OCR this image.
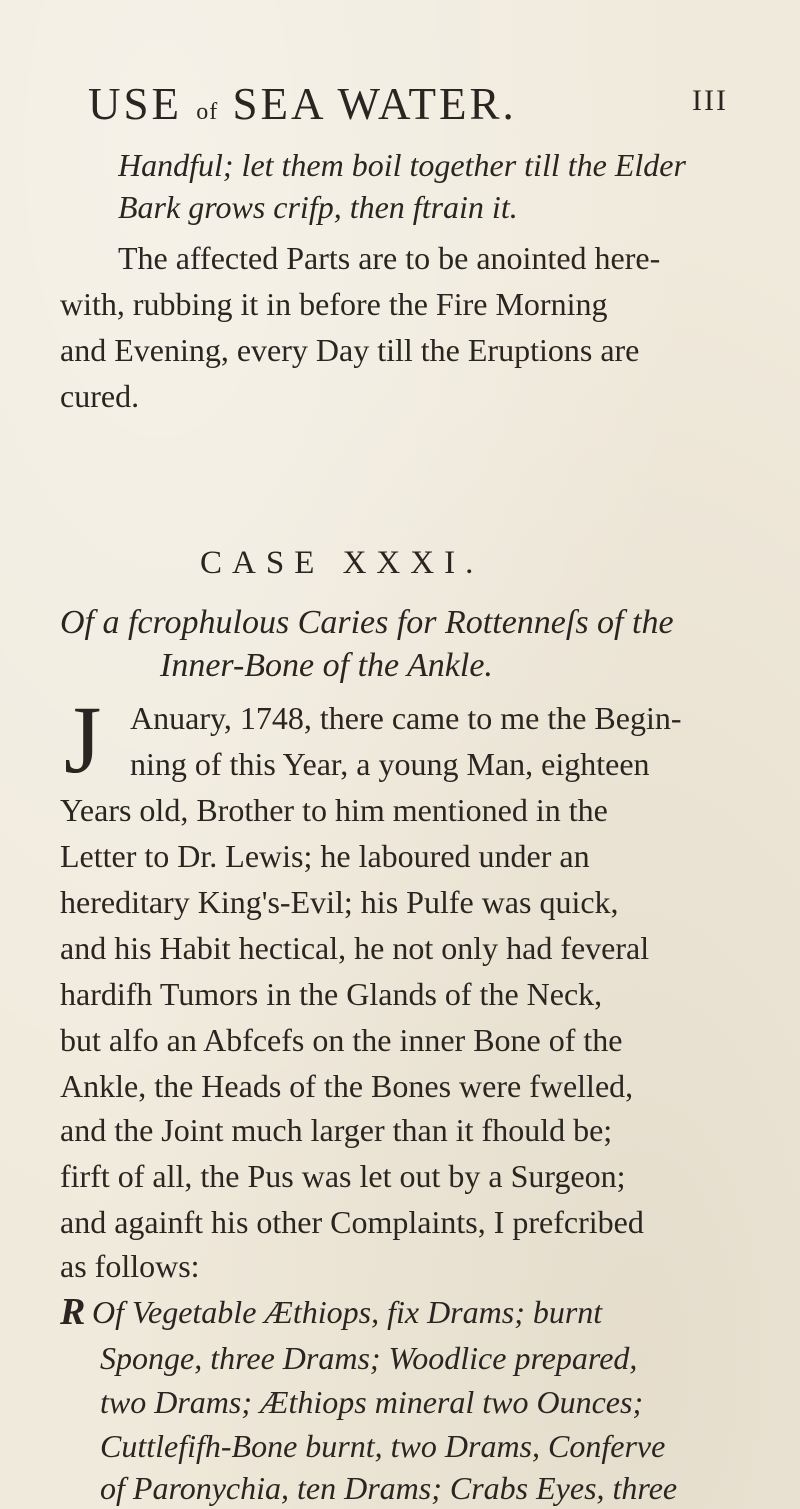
USE of SEA WATER.	III
Handful; let them boil together till the Elder
Bark grows crifp, then ftrain it.
The affected Parts are to be anointed here-
with, rubbing it in before the Fire Morning
and Evening, every Day till the Eruptions are
cured.
CASE XXXI.
Of a fcrophulous Caries for Rottenneſs of the
Inner-Bone of the Ankle.
J Anuary, 1748, there came to me the Begin-
ning of this Year, a young Man, eighteen
Years old, Brother to him mentioned in the
Letter to Dr. Lewis; he laboured under an
hereditary King's-Evil; his Pulfe was quick,
and his Habit hectical, he not only had feveral
hardifh Tumors in the Glands of the Neck,
but alfo an Abfcefs on the inner Bone of the
Ankle, the Heads of the Bones were fwelled,
and the Joint much larger than it fhould be;
firft of all, the Pus was let out by a Surgeon;
and againft his other Complaints, I prefcribed
as follows:
R Of Vegetable Æthiops, fix Drams; burnt
Sponge, three Drams; Woodlice prepared,
two Drams; Æthiops mineral two Ounces;
Cuttlefifh-Bone burnt, two Drams, Conferve
of Paronychia, ten Drams; Crabs Eyes, three
